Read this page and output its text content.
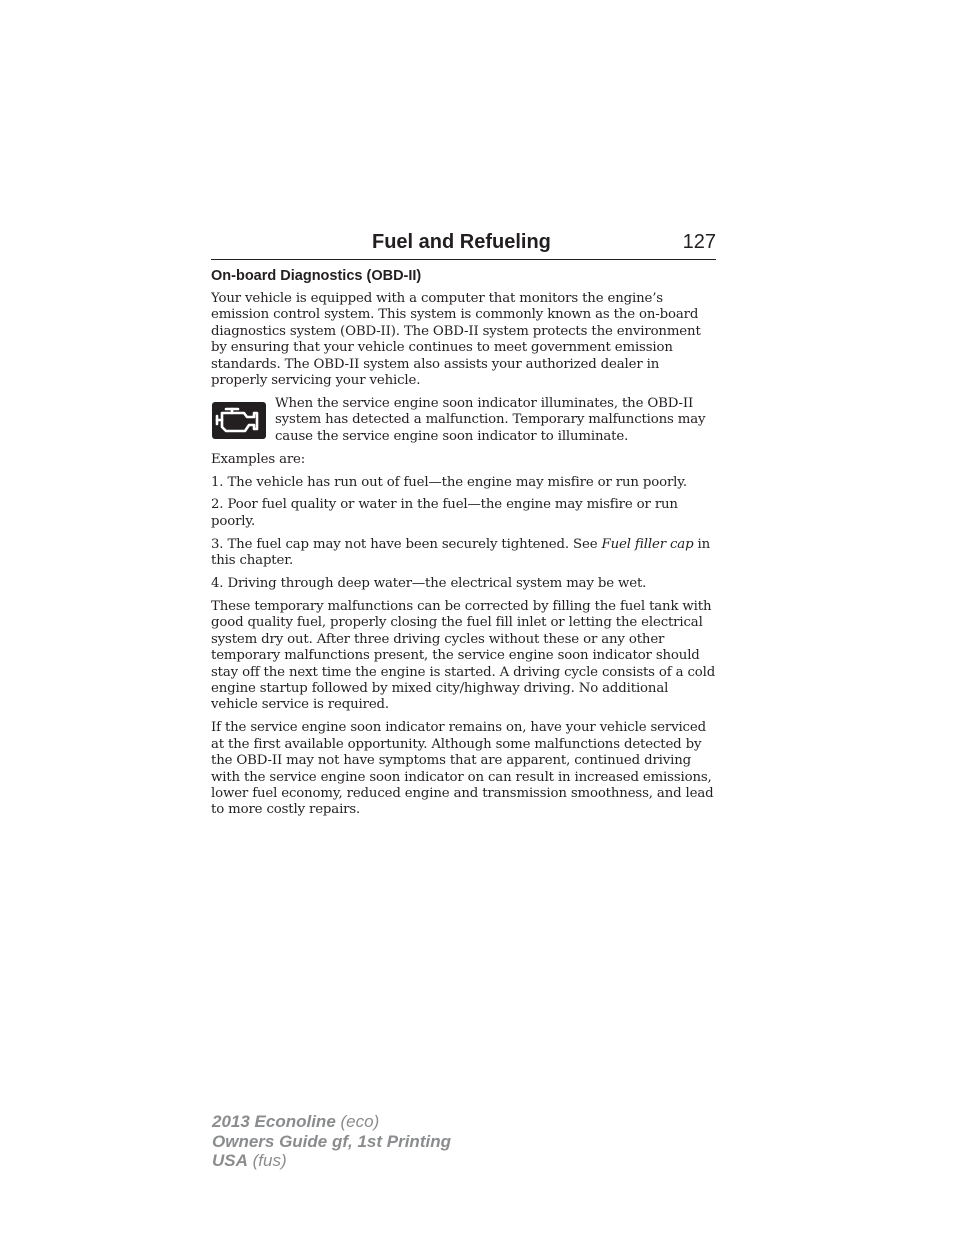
Fuel and Refueling	127
On-board Diagnostics (OBD-II)

Your vehicle is equipped with a computer that monitors the engine’s emission control system. This system is commonly known as the on-board diagnostics system (OBD-II). The OBD-II system protects the environment by ensuring that your vehicle continues to meet government emission standards. The OBD-II system also assists your authorized dealer in properly servicing your vehicle.

When the service engine soon indicator illuminates, the OBD-II system has detected a malfunction. Temporary malfunctions may cause the service engine soon indicator to illuminate.

Examples are:

1. The vehicle has run out of fuel—the engine may misfire or run poorly.

2. Poor fuel quality or water in the fuel—the engine may misfire or run poorly.

3. The fuel cap may not have been securely tightened. See Fuel filler cap in this chapter.

4. Driving through deep water—the electrical system may be wet.

These temporary malfunctions can be corrected by filling the fuel tank with good quality fuel, properly closing the fuel fill inlet or letting the electrical system dry out. After three driving cycles without these or any other temporary malfunctions present, the service engine soon indicator should stay off the next time the engine is started. A driving cycle consists of a cold engine startup followed by mixed city/highway driving. No additional vehicle service is required.

If the service engine soon indicator remains on, have your vehicle serviced at the first available opportunity. Although some malfunctions detected by the OBD-II may not have symptoms that are apparent, continued driving with the service engine soon indicator on can result in increased emissions, lower fuel economy, reduced engine and transmission smoothness, and lead to more costly repairs.

2013 Econoline (eco)
Owners Guide gf, 1st Printing
USA (fus)
